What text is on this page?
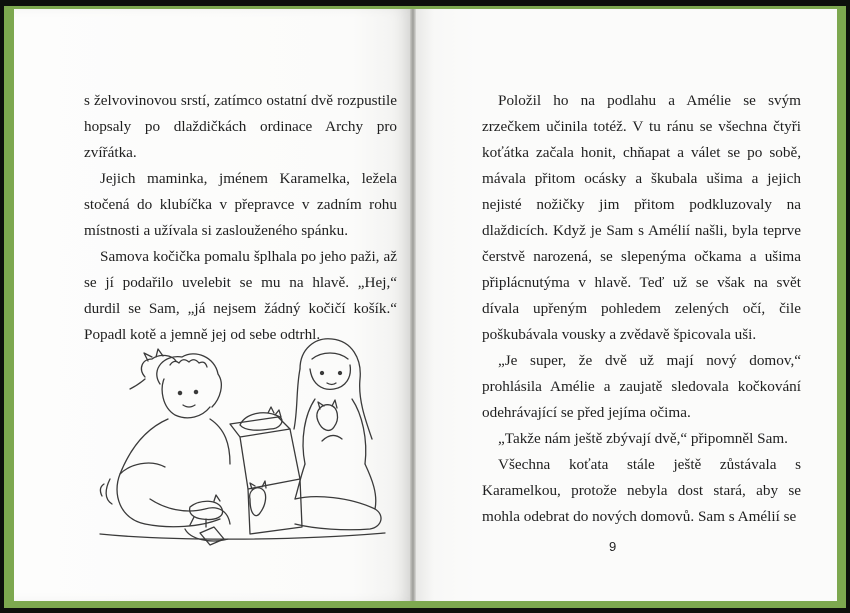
s želvovinovou srstí, zatímco ostatní dvě rozpustile hopsaly po dlaždičkách ordinace Archy pro zvířátka.

Jejich maminka, jménem Karamelka, ležela stočená do klubíčka v přepravce v zadním rohu místnosti a užívala si zaslouženého spánku.

Samova kočička pomalu šplhala po jeho paži, až se jí podařilo uvelebit se mu na hlavě. „Hej,“ durdil se Sam, „já nejsem žádný kočičí košík.“ Popadl kotě a jemně jej od sebe odtrhl.

Položil ho na podlahu a Amélie se svým zrzečkem učinila totéž. V tu ránu se všechna čtyři koťátka začala honit, chňapat a válet se po sobě, mávala přitom ocásky a škubala ušima a jejich nejisté nožičky jim přitom podkluzovaly na dlaždicích. Když je Sam s Amélií našli, byla teprve čerstvě narozená, se slepenýma očkama a ušima připlácnutýma v hlavě. Teď už se však na svět dívala upřeným pohledem zelených očí, čile poškubávala vousky a zvědavě špicovala uši.

„Je super, že dvě už mají nový domov,“ prohlásila Amélie a zaujatě sledovala kočkování odehrávající se před jejíma očima.

„Takže nám ještě zbývají dvě,“ připomněl Sam.

Všechna koťata stále ještě zůstávala s Karamelkou, protože nebyla dost stará, aby se mohla odebrat do nových domovů. Sam s Amélií se

9
